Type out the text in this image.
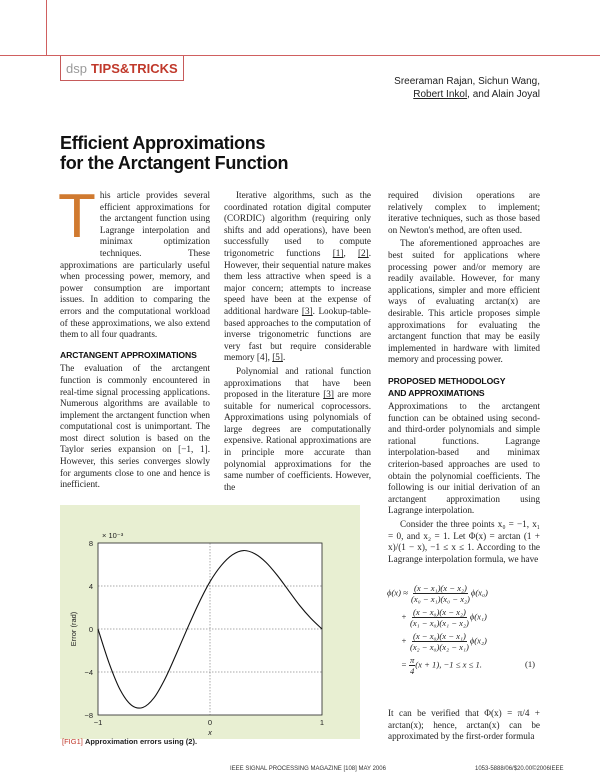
dsp TIPS&TRICKS
Sreeraman Rajan, Sichun Wang,
Robert Inkol, and Alain Joyal
Efficient Approximations
for the Arctangent Function

This article provides several efficient approximations for the arctangent function using Lagrange interpolation and minimax optimization techniques. These approximations are particularly useful when processing power, memory, and power consumption are important issues. In addition to comparing the errors and the computational workload of these approximations, we also extend them to all four quadrants.

ARCTANGENT APPROXIMATIONS

The evaluation of the arctangent function is commonly encountered in real-time signal processing applications. Numerous algorithms are available to implement the arctangent function when computational cost is unimportant. The most direct solution is based on the Taylor series expansion on [−1, 1]. However, this series converges slowly for arguments close to one and hence is inefficient.

Iterative algorithms, such as the coordinated rotation digital computer (CORDIC) algorithm (requiring only shifts and add operations), have been successfully used to compute trigonometric functions [1], [2]. However, their sequential nature makes them less attractive when speed is a major concern; attempts to increase speed have been at the expense of additional hardware [3]. Lookup-table-based approaches to the computation of inverse trigonometric functions are very fast but require considerable memory [4], [5].

Polynomial and rational function approximations that have been proposed in the literature [3] are more suitable for numerical coprocessors. Approximations using polynomials of large degrees are computationally expensive. Rational approximations are in principle more accurate than polynomial approximations for the same number of coefficients. However, the

required division operations are relatively complex to implement; iterative techniques, such as those based on Newton's method, are often used.

The aforementioned approaches are best suited for applications where processing power and/or memory are readily available. However, for many applications, simpler and more efficient ways of evaluating arctan(x) are desirable. This article proposes simple approximations for evaluating the arctangent function that may be easily implemented in hardware with limited memory and processing power.

PROPOSED METHODOLOGY
AND APPROXIMATIONS

Approximations to the arctangent function can be obtained using second- and third-order polynomials and simple rational functions. Lagrange interpolation-based and minimax criterion-based approaches are used to obtain the polynomial coefficients. The following is our initial derivation of an arctangent approximation using Lagrange interpolation.

Consider the three points x₀ = −1, x₁ = 0, and x₂ = 1. Let Φ(x) = arctan (1 + x)/(1 − x), −1 ≤ x ≤ 1. According to the Lagrange interpolation formula, we have

$\phi(x) \approx \frac{\text{(x − x₁)(x − x₂)}}{\text{(x₀ − x₁)(x₀ − x₂)}} \phi(x_0)$
+ $\frac{\text{(x − x₀)(x − x₂)}}{\text{(x₁ − x₀)(x₁ − x₂)}} \phi(x_1)$
+ $\frac{\text{(x − x₀)(x − x₁)}}{\text{(x₂ − x₀)(x₂ − x₁)}} \phi(x_2)$
= $\frac{\pi}{4} (x + 1)$, −1 ≤ x ≤ 1.	(1)

It can be verified that Φ(x) = π/4 + arctan(x); hence, arctan(x) can be approximated by the first-order formula

−8
−4
0
4
8
−1	0	1
× 10⁻³
x
Error (rad)
[FIG1] Approximation errors using (2).
IEEE SIGNAL PROCESSING MAGAZINE [108] MAY 2006	1053-5888/06/$20.00©2006IEEE
